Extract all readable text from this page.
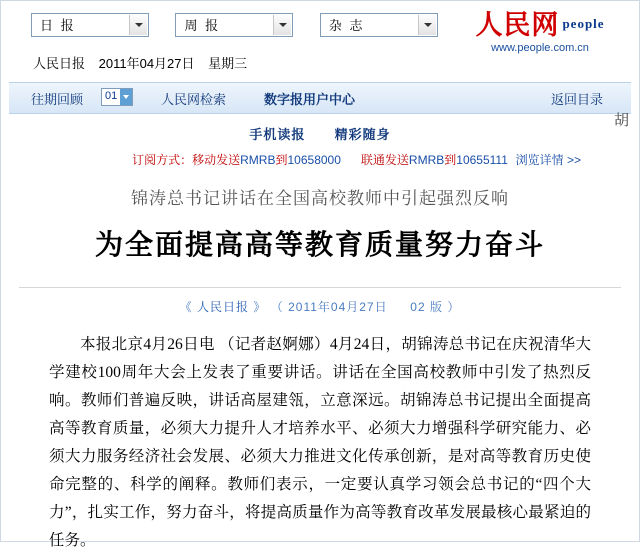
日 报
	周 报
	杂 志	人民网 people
www.people.com.cn
人民日报 2011年04月27日 星期三
往期回顾 01	人民网检索	数字报用户中心	返回目录
胡
手机读报 精彩随身
订阅方式：移动发送RMRB到10658000 联通发送RMRB到10655111 浏览详情 >>
锦涛总书记讲话在全国高校教师中引起强烈反响
为全面提高高等教育质量努力奋斗
《 人民日报 》 （ 2011年04月27日 02 版 ）
本报北京4月26日电 （记者赵婀娜）4月24日，胡锦涛总书记在庆祝清华大学建校100周年大会上发表了重要讲话。讲话在全国高校教师中引发了热烈反响。教师们普遍反映，讲话高屋建瓴，立意深远。胡锦涛总书记提出全面提高高等教育质量，必须大力提升人才培养水平、必须大力增强科学研究能力、必须大力服务经济社会发展、必须大力推进文化传承创新，是对高等教育历史使命完整的、科学的阐释。教师们表示，一定要认真学习领会总书记的“四个大力”，扎实工作，努力奋斗，将提高质量作为高等教育改革发展最核心最紧迫的任务。
